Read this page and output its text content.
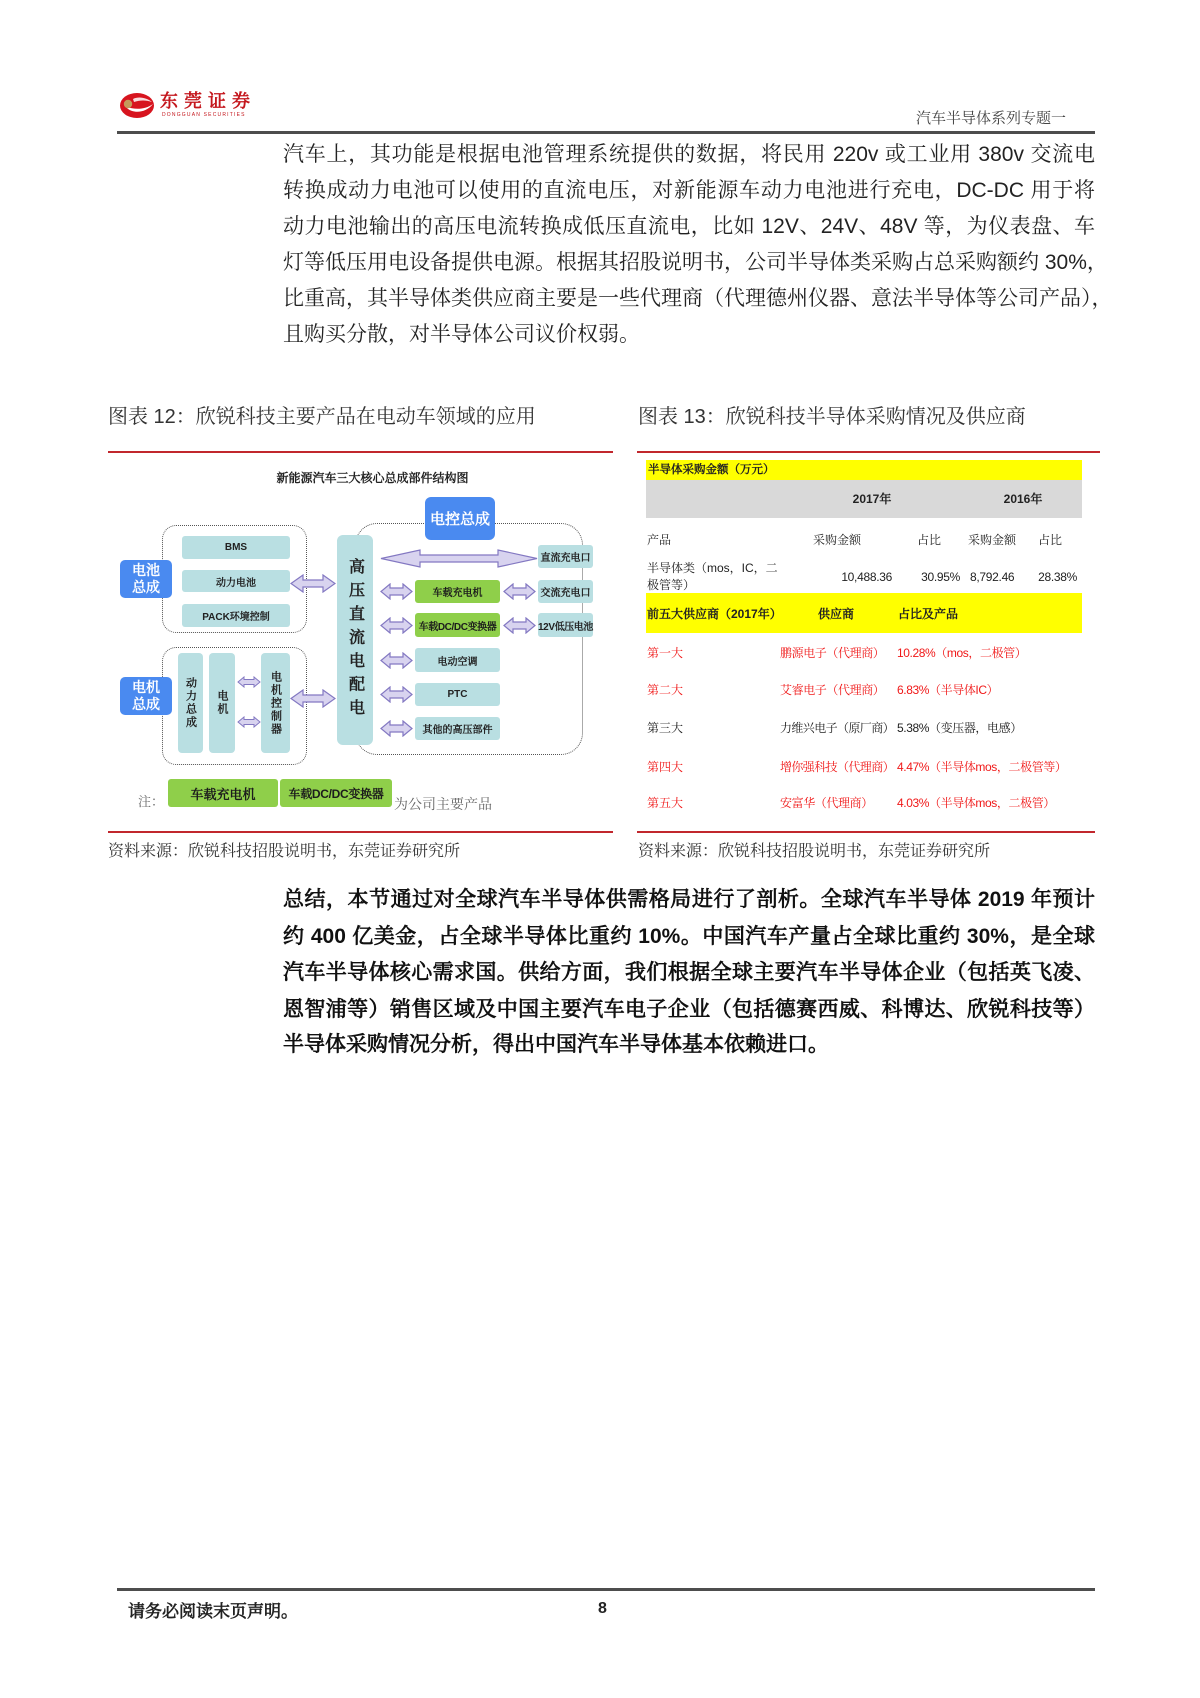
东莞证券
DONGGUAN SECURITIES	汽车半导体系列专题一
汽车上，其功能是根据电池管理系统提供的数据，将民用 220v 或工业用 380v 交流电
转换成动力电池可以使用的直流电压，对新能源车动力电池进行充电，DC-DC 用于将
动力电池输出的高压电流转换成低压直流电，比如 12V、24V、48V 等，为仪表盘、车
灯等低压用电设备提供电源。根据其招股说明书，公司半导体类采购占总采购额约 30%，
比重高，其半导体类供应商主要是一些代理商（代理德州仪器、意法半导体等公司产品），
且购买分散，对半导体公司议价权弱。
图表 12：欣锐科技主要产品在电动车领域的应用
新能源汽车三大核心总成部件结构图
电控总成
高压直流电配电
电池总成
BMS
动力电池
PACK环境控制
直流充电口
车载充电机	交流充电口
车载DC/DC变换器	12V低压电池
电动空调
PTC
其他的高压部件
电机总成	动力总成 电机	电机控制器
注：
车载充电机	车载DC/DC变换器
为公司主要产品
资料来源：欣锐科技招股说明书，东莞证券研究所
图表 13：欣锐科技半导体采购情况及供应商
半导体采购金额（万元）
2017年	2016年
产品	采购金额	占比 采购金额 占比
半导体类（mos，IC，二
极管等）
10,488.36	30.95% 8,792.46	28.38%
前五大供应商（2017年）	供应商	占比及产品
第一大	鹏源电子（代理商） 10.28%（mos，二极管）
第二大	艾睿电子（代理商） 6.83%（半导体IC）
第三大	力维兴电子（原厂商） 5.38%（变压器，电感）
第四大	增你强科技（代理商） 4.47%（半导体mos，二极管等）
第五大	安富华（代理商） 4.03%（半导体mos，二极管）
资料来源：欣锐科技招股说明书，东莞证券研究所
总结，本节通过对全球汽车半导体供需格局进行了剖析。全球汽车半导体 2019 年预计
约 400 亿美金，占全球半导体比重约 10%。中国汽车产量占全球比重约 30%，是全球
汽车半导体核心需求国。供给方面，我们根据全球主要汽车半导体企业（包括英飞凌、
恩智浦等）销售区域及中国主要汽车电子企业（包括德赛西威、科博达、欣锐科技等）
半导体采购情况分析，得出中国汽车半导体基本依赖进口。
请务必阅读末页声明。	8
